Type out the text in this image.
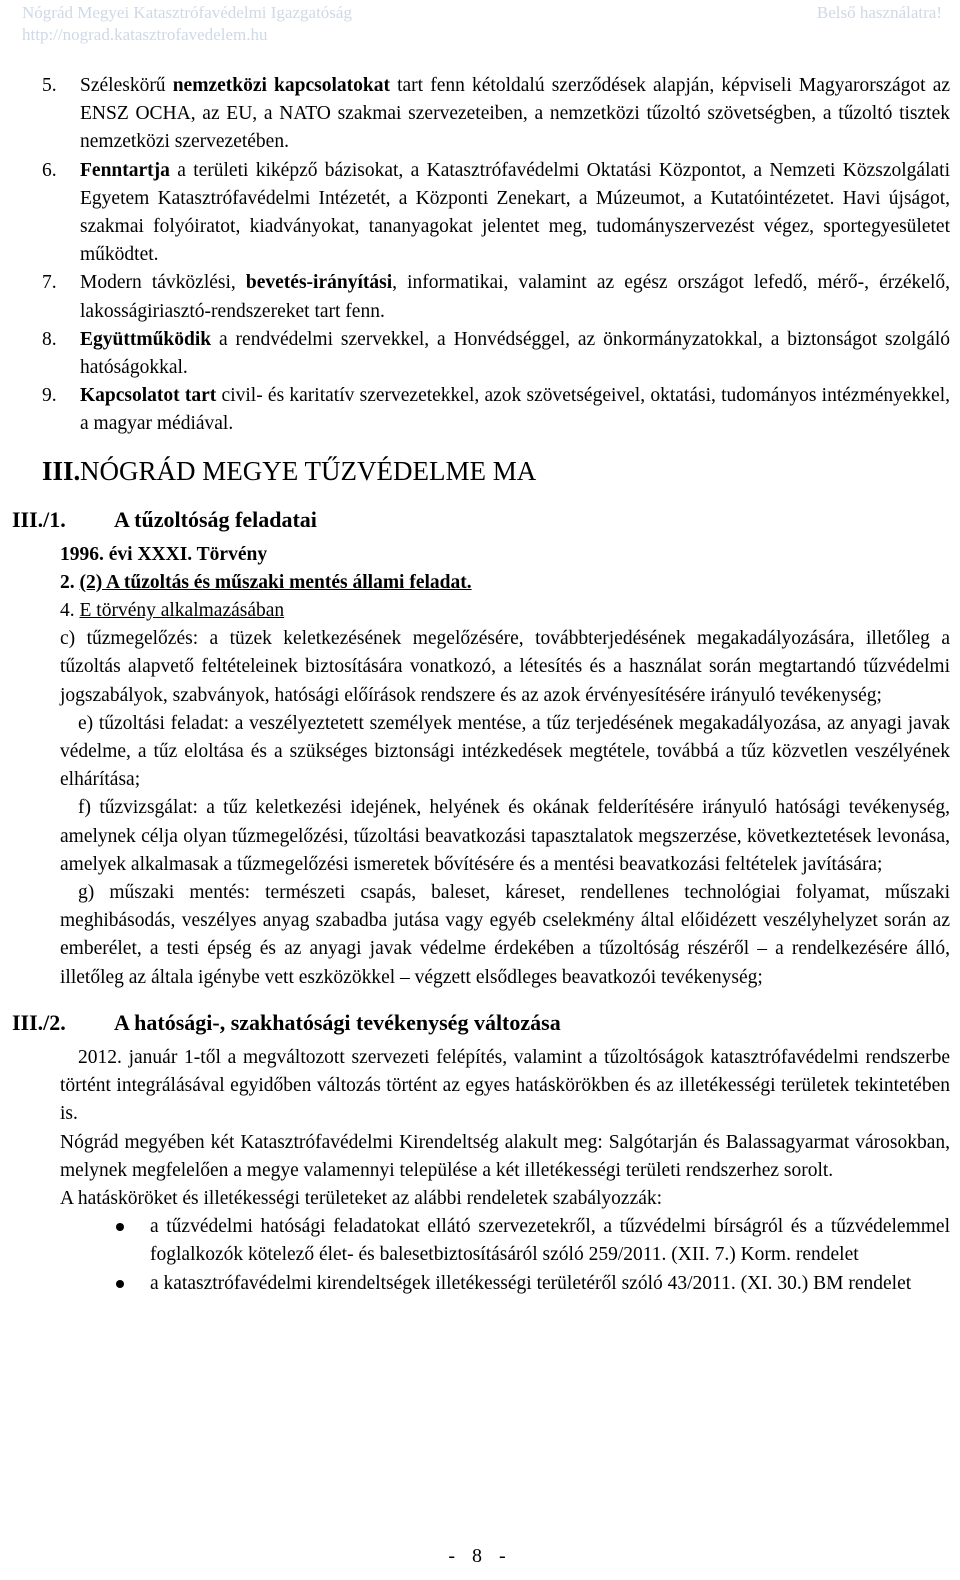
Nógrád Megyei Katasztrófavédelmi Igazgatóság	Belső használatra!
http://nograd.katasztrofavedelem.hu
5.	Széleskörű nemzetközi kapcsolatokat tart fenn kétoldalú szerződések alapján, képviseli Magyarországot az ENSZ OCHA, az EU, a NATO szakmai szervezeteiben, a nemzetközi tűzoltó szövetségben, a tűzoltó tisztek nemzetközi szervezetében.
6.	Fenntartja a területi kiképző bázisokat, a Katasztrófavédelmi Oktatási Központot, a Nemzeti Közszolgálati Egyetem Katasztrófavédelmi Intézetét, a Központi Zenekart, a Múzeumot, a Kutatóintézetet. Havi újságot, szakmai folyóiratot, kiadványokat, tananyagokat jelentet meg, tudományszervezést végez, sportegyesületet működtet.
7.	Modern távközlési, bevetés-irányítási, informatikai, valamint az egész országot lefedő, mérő-, érzékelő, lakosságiriasztó-rendszereket tart fenn.
8.	Együttműködik a rendvédelmi szervekkel, a Honvédséggel, az önkormányzatokkal, a biztonságot szolgáló hatóságokkal.
9.	Kapcsolatot tart civil- és karitatív szervezetekkel, azok szövetségeivel, oktatási, tudományos intézményekkel, a magyar médiával.
III. NÓGRÁD MEGYE TŰZVÉDELME MA
III./1.	A tűzoltóság feladatai

1996. évi XXXI. Törvény

2. (2) A tűzoltás és műszaki mentés állami feladat.

4. E törvény alkalmazásában

c) tűzmegelőzés: a tüzek keletkezésének megelőzésére, továbbterjedésének megakadályozására, illetőleg a tűzoltás alapvető feltételeinek biztosítására vonatkozó, a létesítés és a használat során megtartandó tűzvédelmi jogszabályok, szabványok, hatósági előírások rendszere és az azok érvényesítésére irányuló tevékenység;

e) tűzoltási feladat: a veszélyeztetett személyek mentése, a tűz terjedésének megakadályozása, az anyagi javak védelme, a tűz eloltása és a szükséges biztonsági intézkedések megtétele, továbbá a tűz közvetlen veszélyének elhárítása;

f) tűzvizsgálat: a tűz keletkezési idejének, helyének és okának felderítésére irányuló hatósági tevékenység, amelynek célja olyan tűzmegelőzési, tűzoltási beavatkozási tapasztalatok megszerzése, következtetések levonása, amelyek alkalmasak a tűzmegelőzési ismeretek bővítésére és a mentési beavatkozási feltételek javítására;

g) műszaki mentés: természeti csapás, baleset, káreset, rendellenes technológiai folyamat, műszaki meghibásodás, veszélyes anyag szabadba jutása vagy egyéb cselekmény által előidézett veszélyhelyzet során az emberélet, a testi épség és az anyagi javak védelme érdekében a tűzoltóság részéről – a rendelkezésére álló, illetőleg az általa igénybe vett eszközökkel – végzett elsődleges beavatkozói tevékenység;

III./2.	A hatósági-, szakhatósági tevékenység változása

2012. január 1-től a megváltozott szervezeti felépítés, valamint a tűzoltóságok katasztrófavédelmi rendszerbe történt integrálásával egyidőben változás történt az egyes hatáskörökben és az illetékességi területek tekintetében is.

Nógrád megyében két Katasztrófavédelmi Kirendeltség alakult meg: Salgótarján és Balassagyarmat városokban, melynek megfelelően a megye valamennyi települése a két illetékességi területi rendszerhez sorolt.

A hatásköröket és illetékességi területeket az alábbi rendeletek szabályozzák:

a tűzvédelmi hatósági feladatokat ellátó szervezetekről, a tűzvédelmi bírságról és a tűzvédelemmel foglalkozók kötelező élet- és balesetbiztosításáról szóló 259/2011. (XII. 7.) Korm. rendelet
a katasztrófavédelmi kirendeltségek illetékességi területéről szóló 43/2011. (XI. 30.) BM rendelet
- 8 -
